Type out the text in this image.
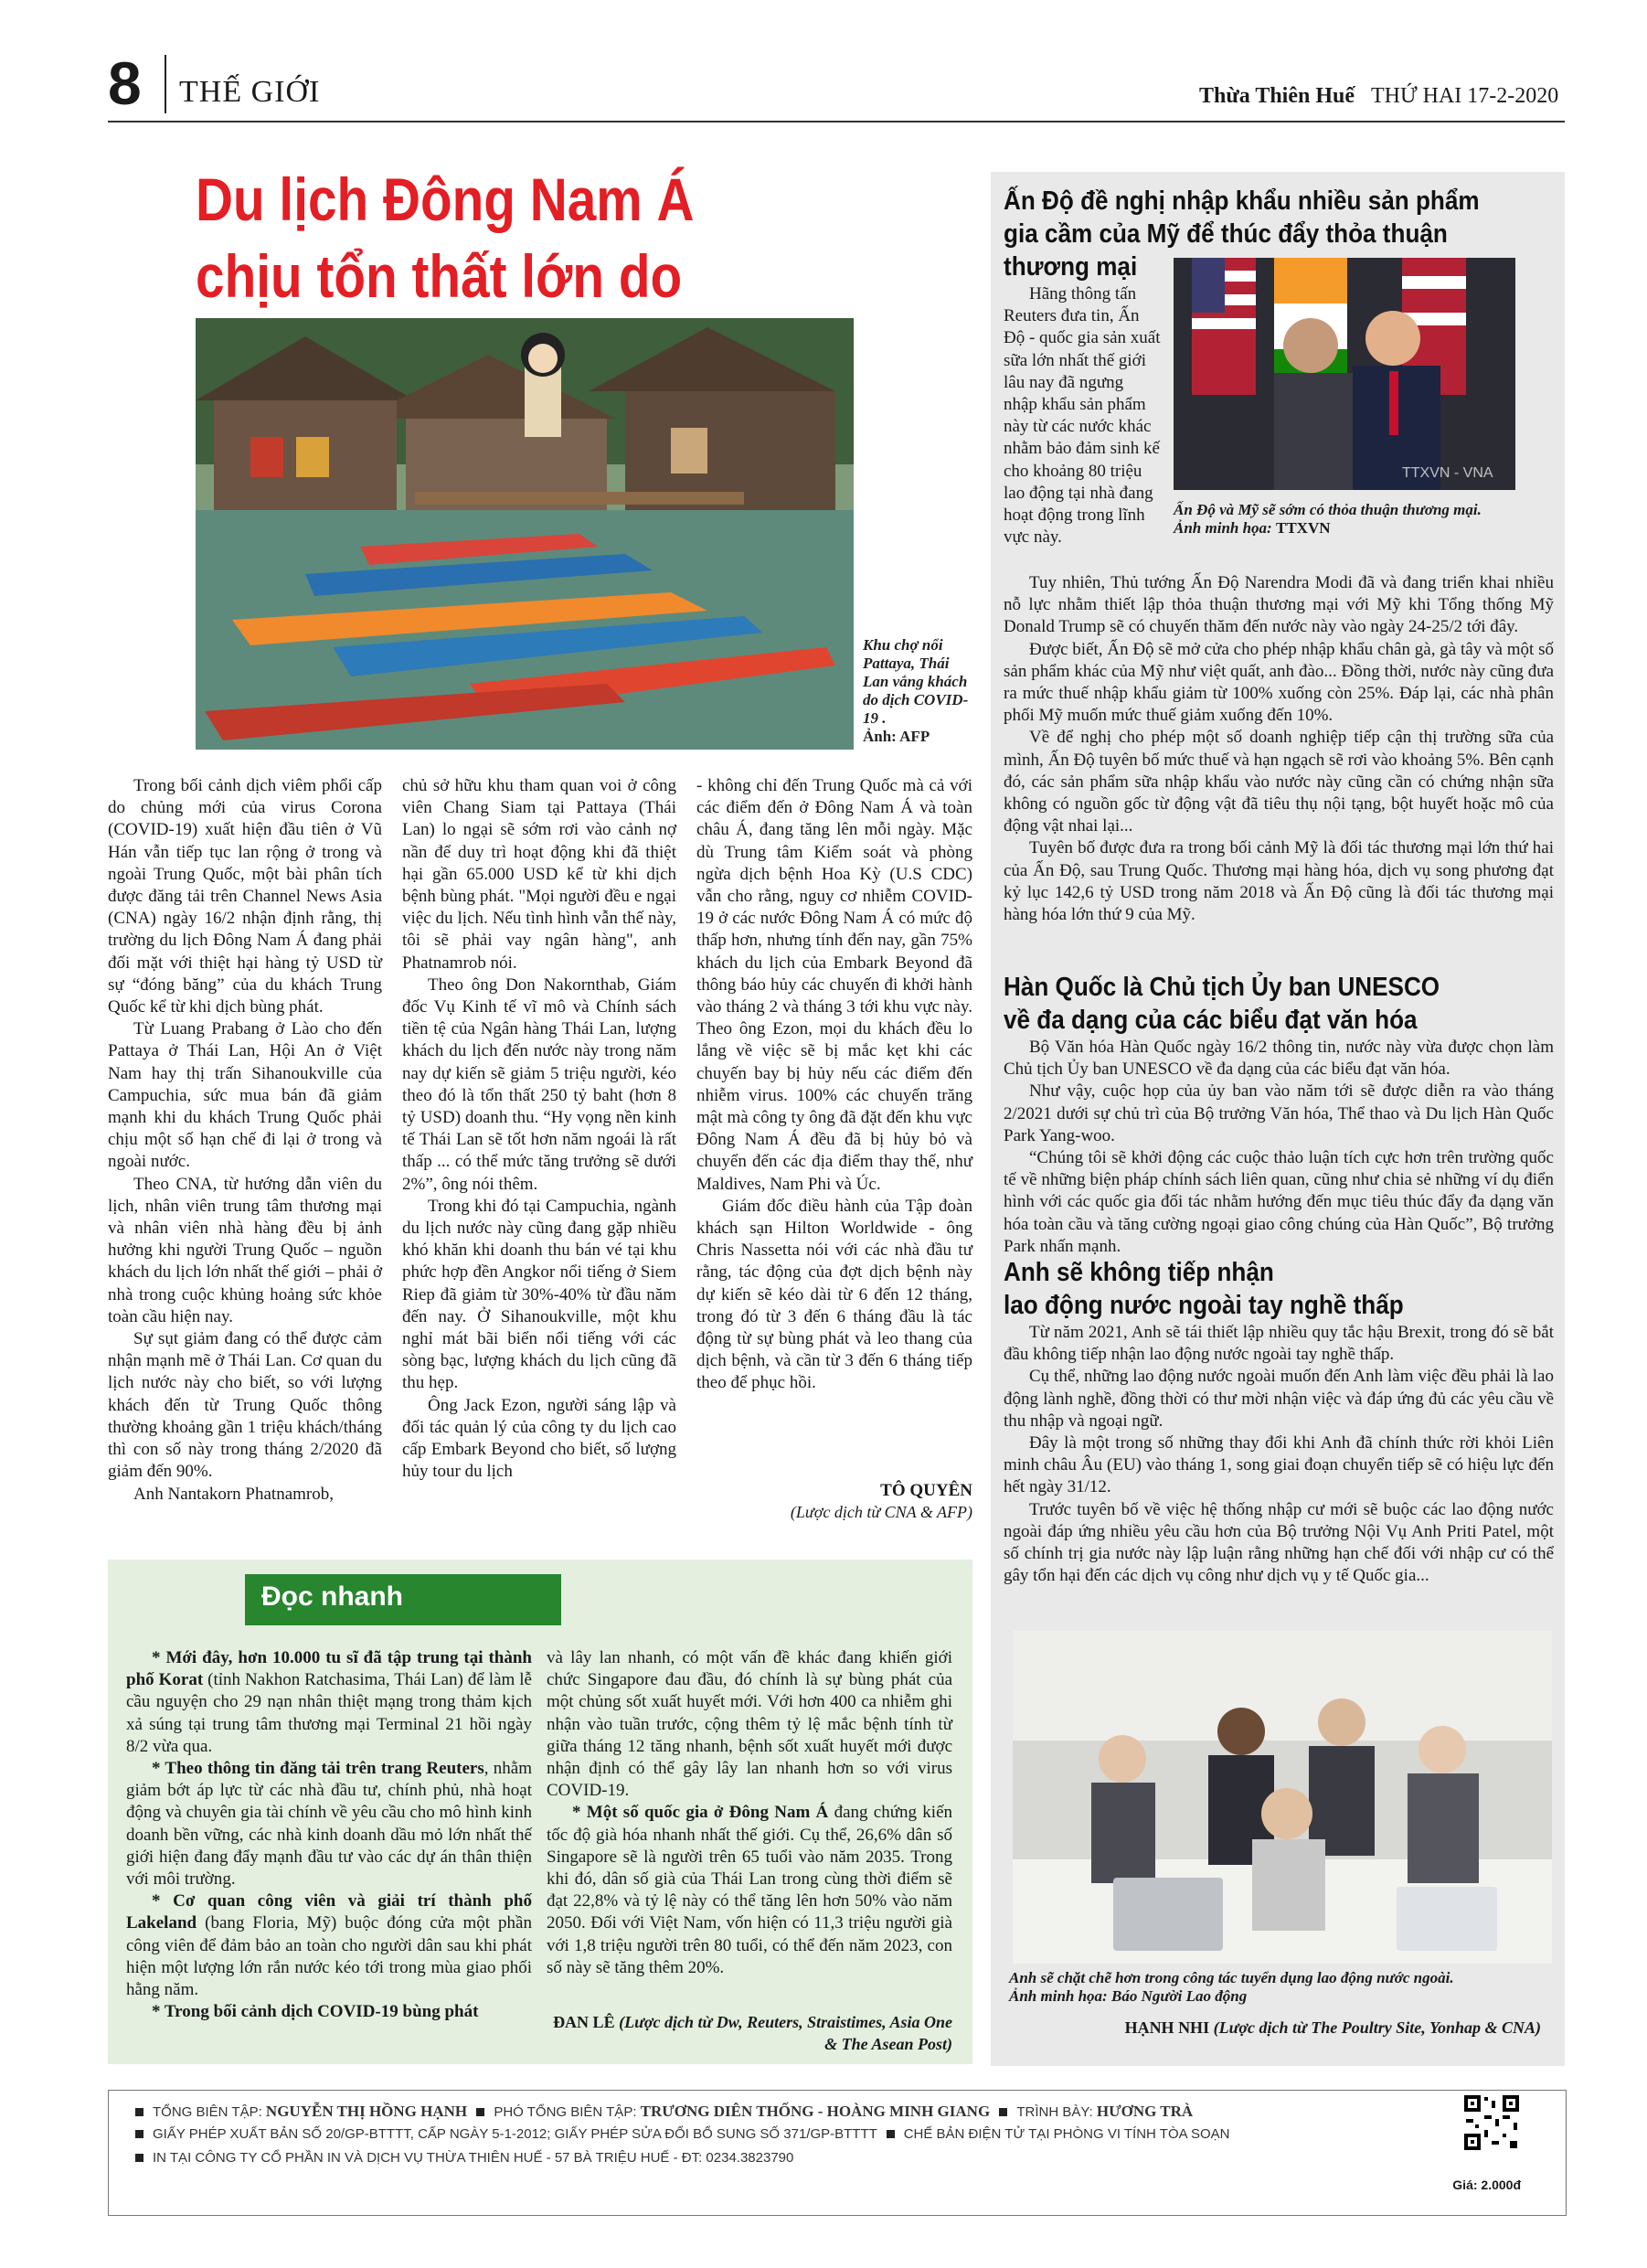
8 THẾ GIỚI	Thừa Thiên Huế THỨ HAI 17-2-2020
Du lịch Đông Nam Á
chịu tổn thất lớn do
Khu chợ nổi Pattaya, Thái Lan vắng khách do dịch COVID-19 .
Ảnh: AFP

Trong bối cảnh dịch viêm phổi cấp do chủng mới của virus Corona (COVID-19) xuất hiện đầu tiên ở Vũ Hán vẫn tiếp tục lan rộng ở trong và ngoài Trung Quốc, một bài phân tích được đăng tải trên Channel News Asia (CNA) ngày 16/2 nhận định rằng, thị trường du lịch Đông Nam Á đang phải đối mặt với thiệt hại hàng tỷ USD từ sự “đóng băng” của du khách Trung Quốc kể từ khi dịch bùng phát.

Từ Luang Prabang ở Lào cho đến Pattaya ở Thái Lan, Hội An ở Việt Nam hay thị trấn Sihanoukville của Campuchia, sức mua bán đã giảm mạnh khi du khách Trung Quốc phải chịu một số hạn chế đi lại ở trong và ngoài nước.

Theo CNA, từ hướng dẫn viên du lịch, nhân viên trung tâm thương mại và nhân viên nhà hàng đều bị ảnh hưởng khi người Trung Quốc – nguồn khách du lịch lớn nhất thế giới – phải ở nhà trong cuộc khủng hoảng sức khỏe toàn cầu hiện nay.

Sự sụt giảm đang có thể được cảm nhận mạnh mẽ ở Thái Lan. Cơ quan du lịch nước này cho biết, so với lượng khách đến từ Trung Quốc thông thường khoảng gần 1 triệu khách/tháng thì con số này trong tháng 2/2020 đã giảm đến 90%.

Anh Nantakorn Phatnamrob,

chủ sở hữu khu tham quan voi ở công viên Chang Siam tại Pattaya (Thái Lan) lo ngại sẽ sớm rơi vào cảnh nợ nần để duy trì hoạt động khi đã thiệt hại gần 65.000 USD kể từ khi dịch bệnh bùng phát. "Mọi người đều e ngại việc du lịch. Nếu tình hình vẫn thế này, tôi sẽ phải vay ngân hàng", anh Phatnamrob nói.

Theo ông Don Nakornthab, Giám đốc Vụ Kinh tế vĩ mô và Chính sách tiền tệ của Ngân hàng Thái Lan, lượng khách du lịch đến nước này trong năm nay dự kiến sẽ giảm 5 triệu người, kéo theo đó là tổn thất 250 tỷ baht (hơn 8 tỷ USD) doanh thu. “Hy vọng nền kinh tế Thái Lan sẽ tốt hơn năm ngoái là rất thấp ... có thể mức tăng trưởng sẽ dưới 2%”, ông nói thêm.

Trong khi đó tại Campuchia, ngành du lịch nước này cũng đang gặp nhiều khó khăn khi doanh thu bán vé tại khu phức hợp đền Angkor nổi tiếng ở Siem Riep đã giảm từ 30%-40% từ đầu năm đến nay. Ở Sihanoukville, một khu nghỉ mát bãi biển nổi tiếng với các sòng bạc, lượng khách du lịch cũng đã thu hẹp.

Ông Jack Ezon, người sáng lập và đối tác quản lý của công ty du lịch cao cấp Embark Beyond cho biết, số lượng hủy tour du lịch

- không chỉ đến Trung Quốc mà cả với các điểm đến ở Đông Nam Á và toàn châu Á, đang tăng lên mỗi ngày. Mặc dù Trung tâm Kiểm soát và phòng ngừa dịch bệnh Hoa Kỳ (U.S CDC) vẫn cho rằng, nguy cơ nhiễm COVID-19 ở các nước Đông Nam Á có mức độ thấp hơn, nhưng tính đến nay, gần 75% khách du lịch của Embark Beyond đã thông báo hủy các chuyến đi khởi hành vào tháng 2 và tháng 3 tới khu vực này. Theo ông Ezon, mọi du khách đều lo lắng về việc sẽ bị mắc kẹt khi các chuyến bay bị hủy nếu các điểm đến nhiễm virus. 100% các chuyến trăng mật mà công ty ông đã đặt đến khu vực Đông Nam Á đều đã bị hủy bỏ và chuyển đến các địa điểm thay thế, như Maldives, Nam Phi và Úc.

Giám đốc điều hành của Tập đoàn khách sạn Hilton Worldwide - ông Chris Nassetta nói với các nhà đầu tư rằng, tác động của đợt dịch bệnh này dự kiến sẽ kéo dài từ 6 đến 12 tháng, trong đó từ 3 đến 6 tháng đầu là tác động từ sự bùng phát và leo thang của dịch bệnh, và cần từ 3 đến 6 tháng tiếp theo để phục hồi.

TÔ QUYÊN
(Lược dịch từ CNA & AFP)
Đọc nhanh

* Mới đây, hơn 10.000 tu sĩ đã tập trung tại thành phố Korat (tỉnh Nakhon Ratchasima, Thái Lan) để làm lễ cầu nguyện cho 29 nạn nhân thiệt mạng trong thảm kịch xả súng tại trung tâm thương mại Terminal 21 hồi ngày 8/2 vừa qua.

* Theo thông tin đăng tải trên trang Reuters, nhằm giảm bớt áp lực từ các nhà đầu tư, chính phủ, nhà hoạt động và chuyên gia tài chính về yêu cầu cho mô hình kinh doanh bền vững, các nhà kinh doanh dầu mỏ lớn nhất thế giới hiện đang đẩy mạnh đầu tư vào các dự án thân thiện với môi trường.

* Cơ quan công viên và giải trí thành phố Lakeland (bang Floria, Mỹ) buộc đóng cửa một phần công viên để đảm bảo an toàn cho người dân sau khi phát hiện một lượng lớn rắn nước kéo tới trong mùa giao phối hằng năm.

* Trong bối cảnh dịch COVID-19 bùng phát

và lây lan nhanh, có một vấn đề khác đang khiến giới chức Singapore đau đầu, đó chính là sự bùng phát của một chủng sốt xuất huyết mới. Với hơn 400 ca nhiễm ghi nhận vào tuần trước, cộng thêm tỷ lệ mắc bệnh tính từ giữa tháng 12 tăng nhanh, bệnh sốt xuất huyết mới được nhận định có thể gây lây lan nhanh hơn so với virus COVID-19.

* Một số quốc gia ở Đông Nam Á đang chứng kiến tốc độ già hóa nhanh nhất thế giới. Cụ thể, 26,6% dân số Singapore sẽ là người trên 65 tuổi vào năm 2035. Trong khi đó, dân số già của Thái Lan trong cùng thời điểm sẽ đạt 22,8% và tỷ lệ này có thể tăng lên hơn 50% vào năm 2050. Đối với Việt Nam, vốn hiện có 11,3 triệu người già với 1,8 triệu người trên 80 tuổi, có thể đến năm 2023, con số này sẽ tăng thêm 20%.

ĐAN LÊ (Lược dịch từ Dw, Reuters, Straistimes, Asia One & The Asean Post)
Ấn Độ đề nghị nhập khẩu nhiều sản phẩm
gia cầm của Mỹ để thúc đẩy thỏa thuận
thương mại

Hãng thông tấn Reuters đưa tin, Ấn Độ - quốc gia sản xuất sữa lớn nhất thế giới lâu nay đã ngưng nhập khẩu sản phẩm này từ các nước khác nhằm bảo đảm sinh kế cho khoảng 80 triệu lao động tại nhà đang hoạt động trong lĩnh vực này.

TTXVN - VNA
Ấn Độ và Mỹ sẽ sớm có thỏa thuận thương mại.
Ảnh minh họa: TTXVN

Tuy nhiên, Thủ tướng Ấn Độ Narendra Modi đã và đang triển khai nhiều nỗ lực nhằm thiết lập thỏa thuận thương mại với Mỹ khi Tổng thống Mỹ Donald Trump sẽ có chuyến thăm đến nước này vào ngày 24-25/2 tới đây.

Được biết, Ấn Độ sẽ mở cửa cho phép nhập khẩu chân gà, gà tây và một số sản phẩm khác của Mỹ như việt quất, anh đào... Đồng thời, nước này cũng đưa ra mức thuế nhập khẩu giảm từ 100% xuống còn 25%. Đáp lại, các nhà phân phối Mỹ muốn mức thuế giảm xuống đến 10%.

Về để nghị cho phép một số doanh nghiệp tiếp cận thị trường sữa của mình, Ấn Độ tuyên bố mức thuế và hạn ngạch sẽ rơi vào khoảng 5%. Bên cạnh đó, các sản phẩm sữa nhập khẩu vào nước này cũng cần có chứng nhận sữa không có nguồn gốc từ động vật đã tiêu thụ nội tạng, bột huyết hoặc mô của động vật nhai lại...

Tuyên bố được đưa ra trong bối cảnh Mỹ là đối tác thương mại lớn thứ hai của Ấn Độ, sau Trung Quốc. Thương mại hàng hóa, dịch vụ song phương đạt kỷ lục 142,6 tỷ USD trong năm 2018 và Ấn Độ cũng là đối tác thương mại hàng hóa lớn thứ 9 của Mỹ.

Hàn Quốc là Chủ tịch Ủy ban UNESCO
về đa dạng của các biểu đạt văn hóa

Bộ Văn hóa Hàn Quốc ngày 16/2 thông tin, nước này vừa được chọn làm Chủ tịch Ủy ban UNESCO về đa dạng của các biểu đạt văn hóa.

Như vậy, cuộc họp của ủy ban vào năm tới sẽ được diễn ra vào tháng 2/2021 dưới sự chủ trì của Bộ trưởng Văn hóa, Thể thao và Du lịch Hàn Quốc Park Yang-woo.

“Chúng tôi sẽ khởi động các cuộc thảo luận tích cực hơn trên trường quốc tế về những biện pháp chính sách liên quan, cũng như chia sẻ những ví dụ điển hình với các quốc gia đối tác nhằm hướng đến mục tiêu thúc đẩy đa dạng văn hóa toàn cầu và tăng cường ngoại giao công chúng của Hàn Quốc”, Bộ trưởng Park nhấn mạnh.

Anh sẽ không tiếp nhận
lao động nước ngoài tay nghề thấp

Từ năm 2021, Anh sẽ tái thiết lập nhiều quy tắc hậu Brexit, trong đó sẽ bắt đầu không tiếp nhận lao động nước ngoài tay nghề thấp.

Cụ thể, những lao động nước ngoài muốn đến Anh làm việc đều phải là lao động lành nghề, đồng thời có thư mời nhận việc và đáp ứng đủ các yêu cầu về thu nhập và ngoại ngữ.

Đây là một trong số những thay đổi khi Anh đã chính thức rời khỏi Liên minh châu Âu (EU) vào tháng 1, song giai đoạn chuyển tiếp sẽ có hiệu lực đến hết ngày 31/12.

Trước tuyên bố về việc hệ thống nhập cư mới sẽ buộc các lao động nước ngoài đáp ứng nhiều yêu cầu hơn của Bộ trưởng Nội Vụ Anh Priti Patel, một số chính trị gia nước này lập luận rằng những hạn chế đối với nhập cư có thể gây tổn hại đến các dịch vụ công như dịch vụ y tế Quốc gia...

Anh sẽ chặt chẽ hơn trong công tác tuyển dụng lao động nước ngoài.
Ảnh minh họa: Báo Người Lao động
HẠNH NHI (Lược dịch từ The Poultry Site, Yonhap & CNA)
TỔNG BIÊN TẬP: NGUYỄN THỊ HỒNG HẠNH PHÓ TỔNG BIÊN TẬP: TRƯƠNG DIÊN THỐNG - HOÀNG MINH GIANG TRÌNH BÀY: HƯƠNG TRÀ
GIẤY PHÉP XUẤT BẢN SỐ 20/GP-BTTTT, CẤP NGÀY 5-1-2012; GIẤY PHÉP SỬA ĐỔI BỔ SUNG SỐ 371/GP-BTTTT CHẾ BẢN ĐIỆN TỬ TẠI PHÒNG VI TÍNH TÒA SOẠN
IN TẠI CÔNG TY CỔ PHẦN IN VÀ DỊCH VỤ THỪA THIÊN HUẾ - 57 BÀ TRIỆU HUẾ - ĐT: 0234.3823790
Giá: 2.000đ
